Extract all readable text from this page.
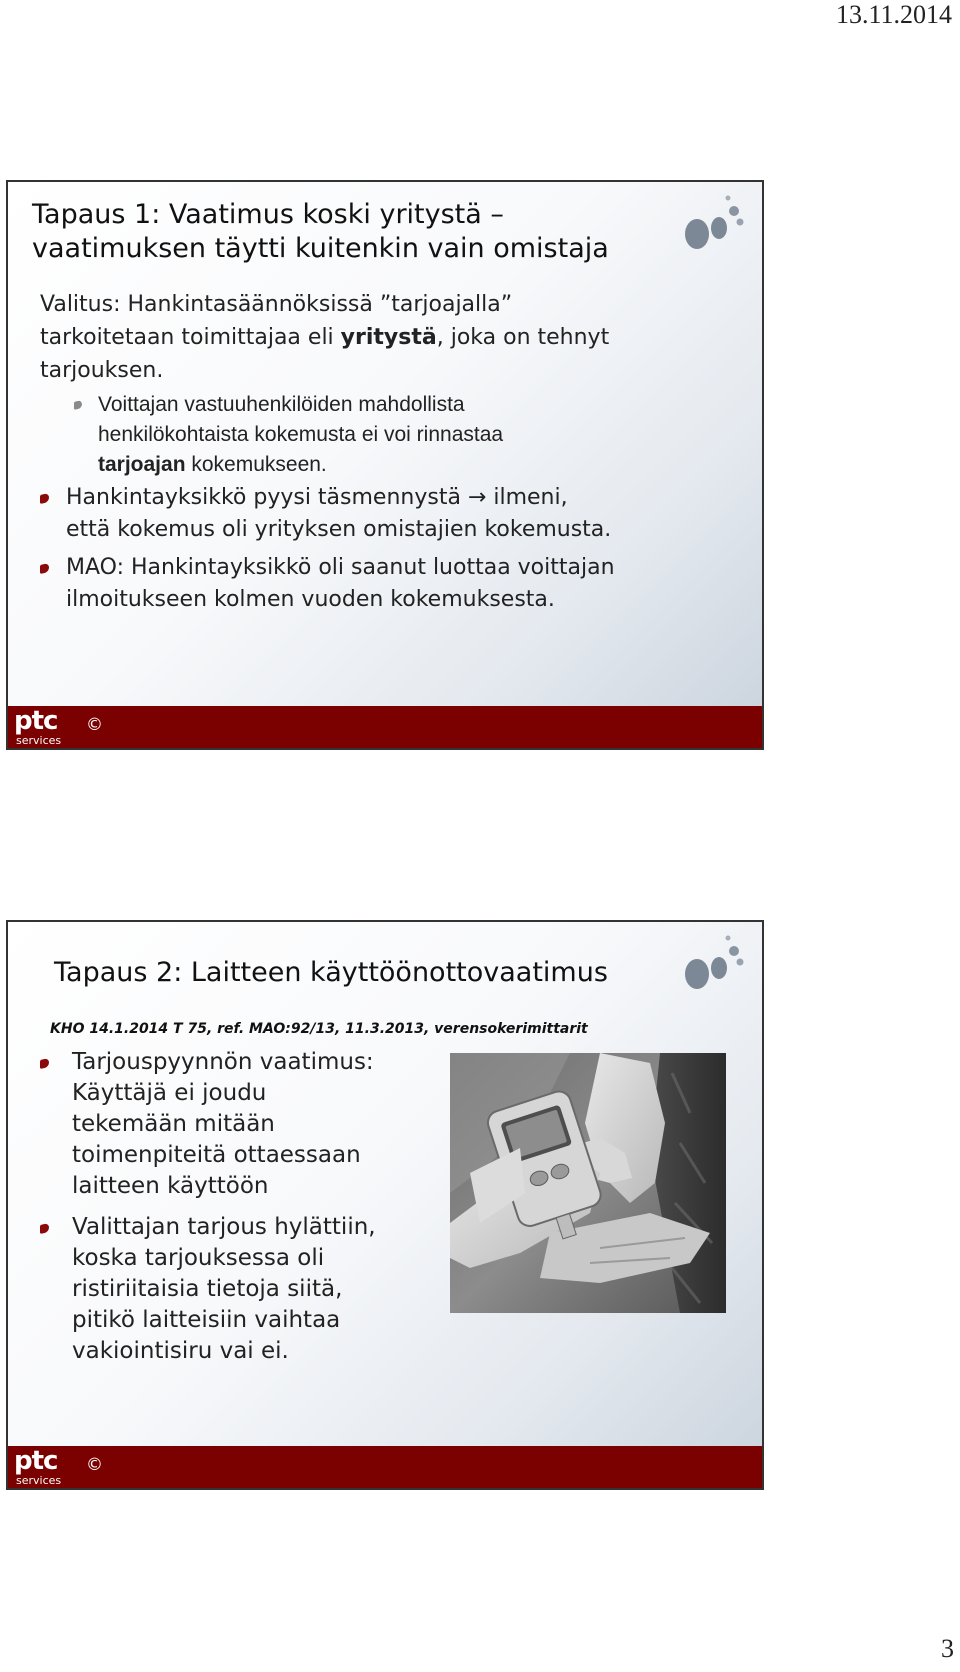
13.11.2014
Tapaus 1: Vaatimus koski yritystä –
vaatimuksen täytti kuitenkin vain omistaja
Valitus: Hankintasäännöksissä ”tarjoajalla”
tarkoitetaan toimittajaa eli yritystä, joka on tehnyt
tarjouksen.
Voittajan vastuuhenkilöiden mahdollista
henkilökohtaista kokemusta ei voi rinnastaa
tarjoajan kokemukseen.
Hankintayksikkö pyysi täsmennystä → ilmeni,
että kokemus oli yrityksen omistajien kokemusta.
MAO: Hankintayksikkö oli saanut luottaa voittajan
ilmoitukseen kolmen vuoden kokemuksesta.
ptc
services
©
Tapaus 2: Laitteen käyttöönottovaatimus
KHO 14.1.2014 T 75, ref. MAO:92/13, 11.3.2013, verensokerimittarit
Tarjouspyynnön vaatimus:
Käyttäjä ei joudu
tekemään mitään
toimenpiteitä ottaessaan
laitteen käyttöön
Valittajan tarjous hylättiin,
koska tarjouksessa oli
ristiriitaisia tietoja siitä,
pitikö laitteisiin vaihtaa
vakiointisiru vai ei.
ptc
services
©
3
